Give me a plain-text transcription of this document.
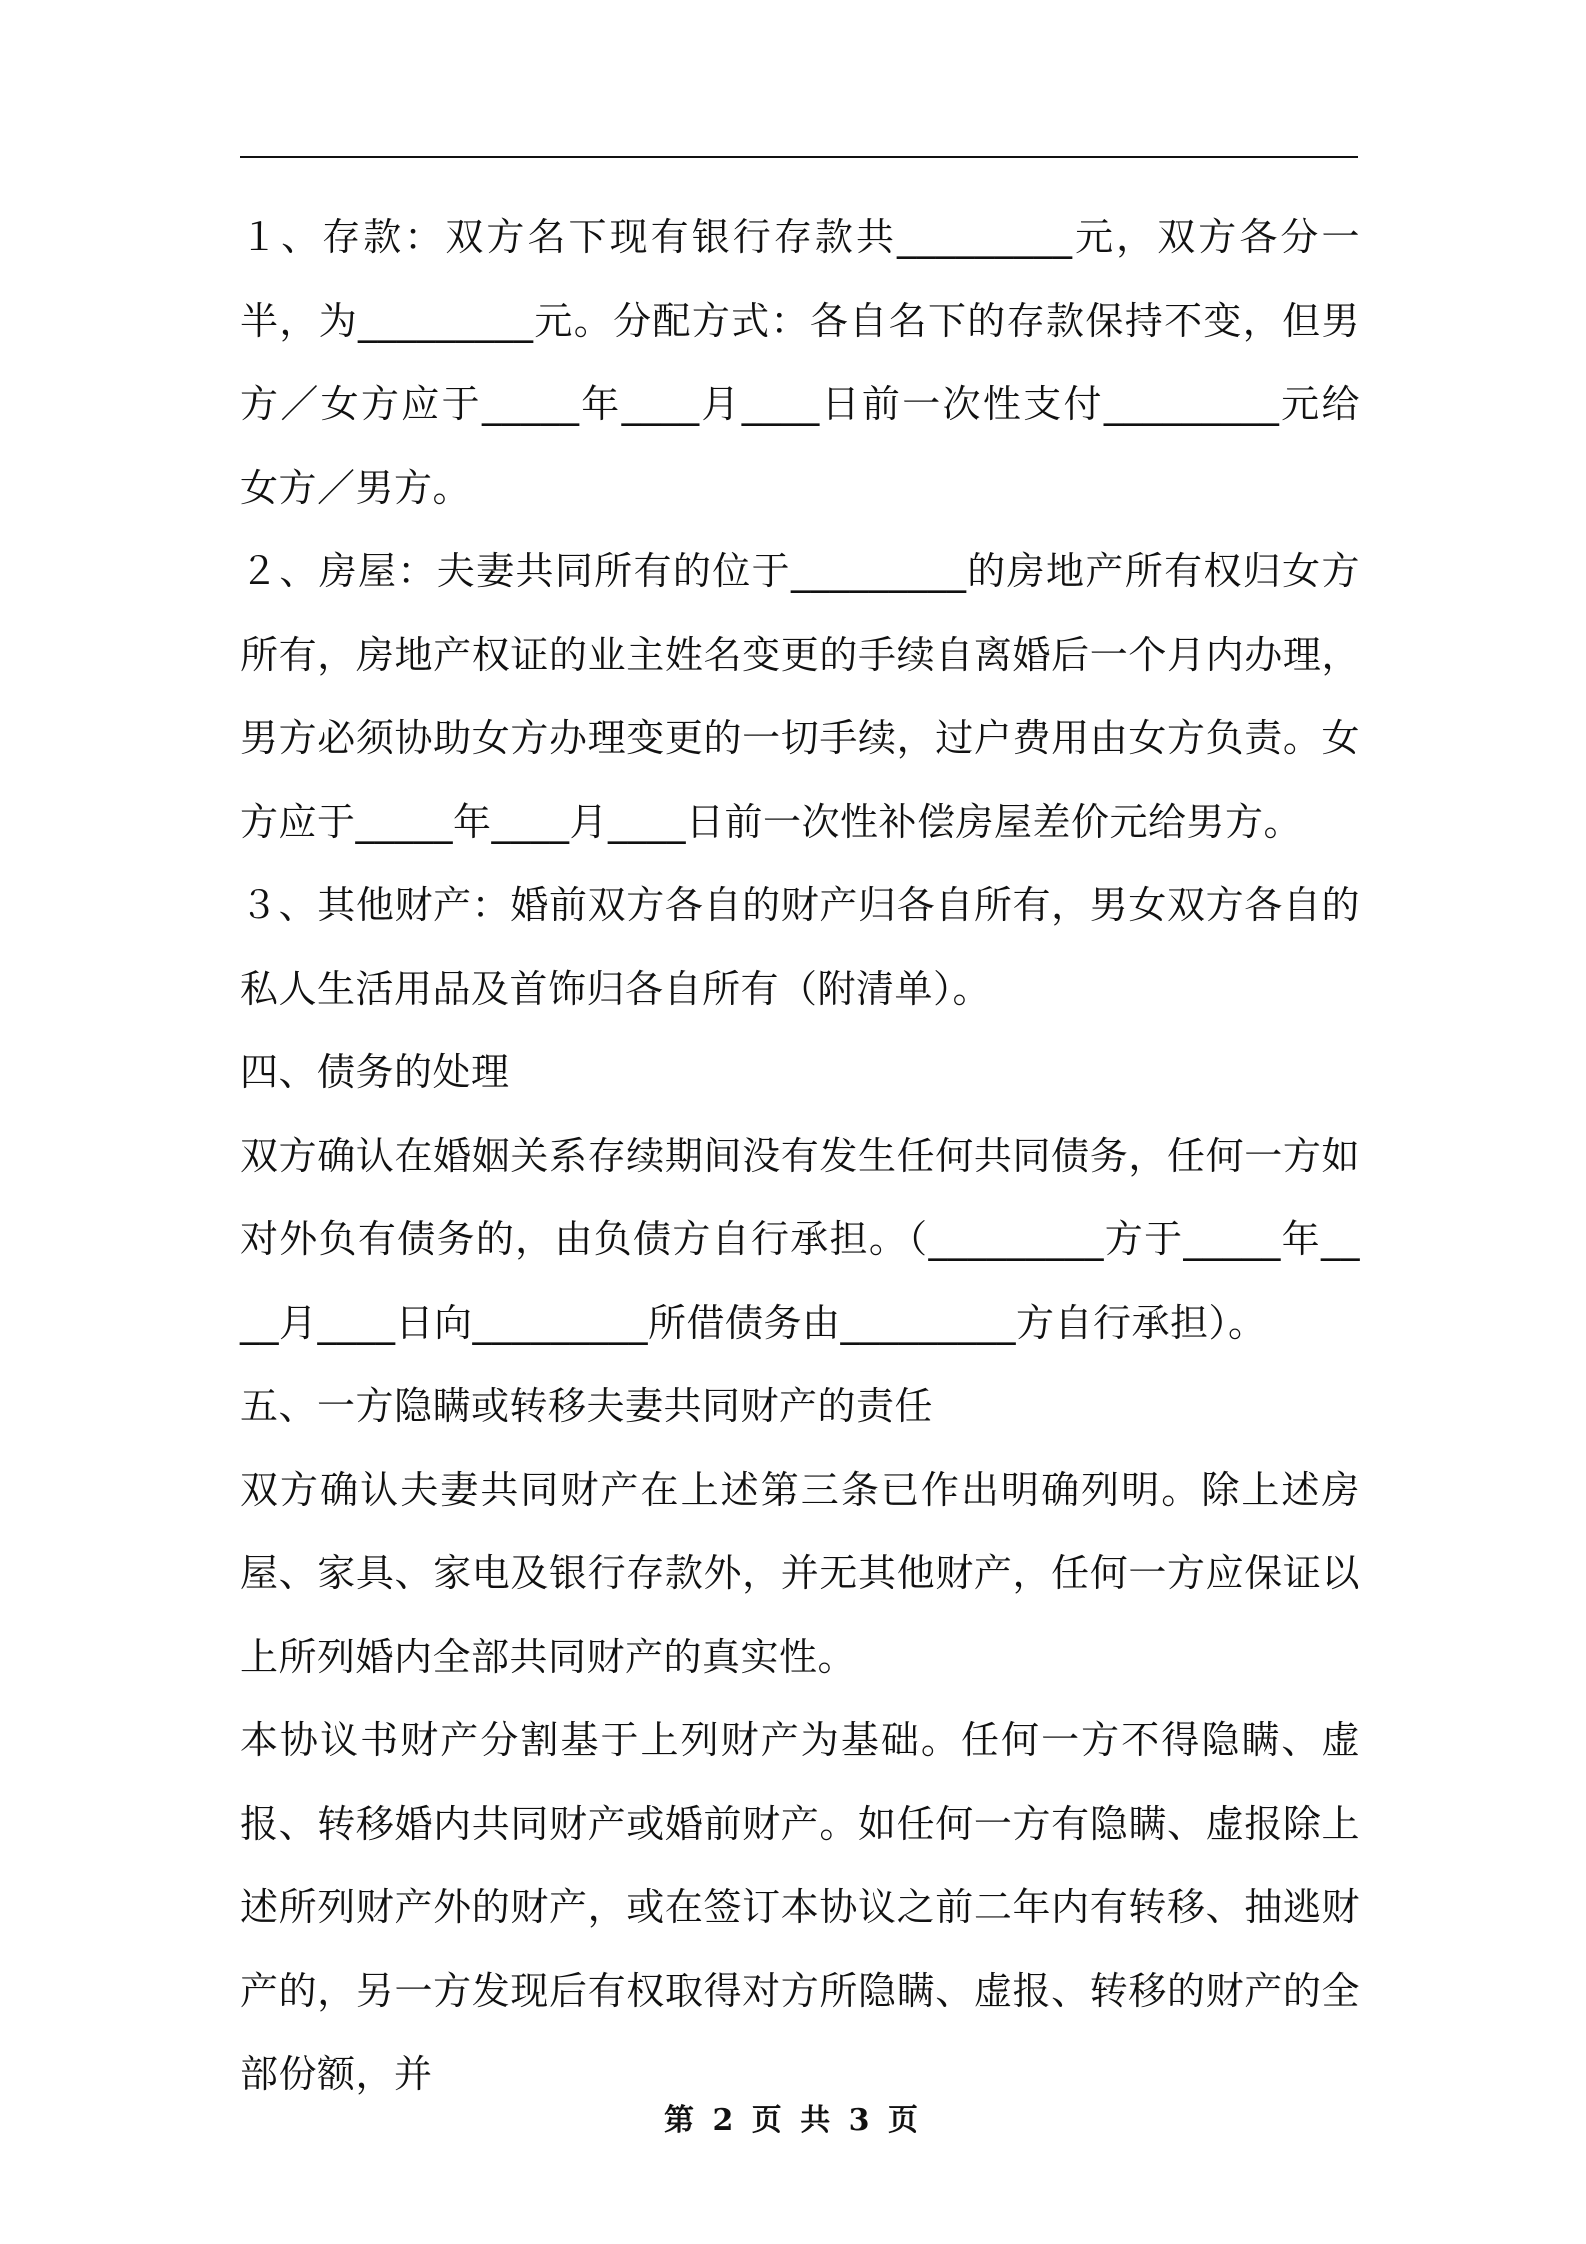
１、存款：双方名下现有银行存款共_________元，双方各分一半，为_________元。分配方式：各自名下的存款保持不变，但男方／女方应于_____年____月____日前一次性支付_________元给女方／男方。

２、房屋：夫妻共同所有的位于_________的房地产所有权归女方所有，房地产权证的业主姓名变更的手续自离婚后一个月内办理，男方必须协助女方办理变更的一切手续，过户费用由女方负责。女方应于_____年____月____日前一次性补偿房屋差价元给男方。

３、其他财产：婚前双方各自的财产归各自所有，男女双方各自的私人生活用品及首饰归各自所有（附清单）。

四、债务的处理

双方确认在婚姻关系存续期间没有发生任何共同债务，任何一方如对外负有债务的，由负债方自行承担。（_________方于_____年____月____日向_________所借债务由_________方自行承担）。

五、一方隐瞒或转移夫妻共同财产的责任

双方确认夫妻共同财产在上述第三条已作出明确列明。除上述房屋、家具、家电及银行存款外，并无其他财产，任何一方应保证以上所列婚内全部共同财产的真实性。

本协议书财产分割基于上列财产为基础。任何一方不得隐瞒、虚报、转移婚内共同财产或婚前财产。如任何一方有隐瞒、虚报除上述所列财产外的财产，或在签订本协议之前二年内有转移、抽逃财产的，另一方发现后有权取得对方所隐瞒、虚报、转移的财产的全部份额，并

第 2 页 共 3 页
